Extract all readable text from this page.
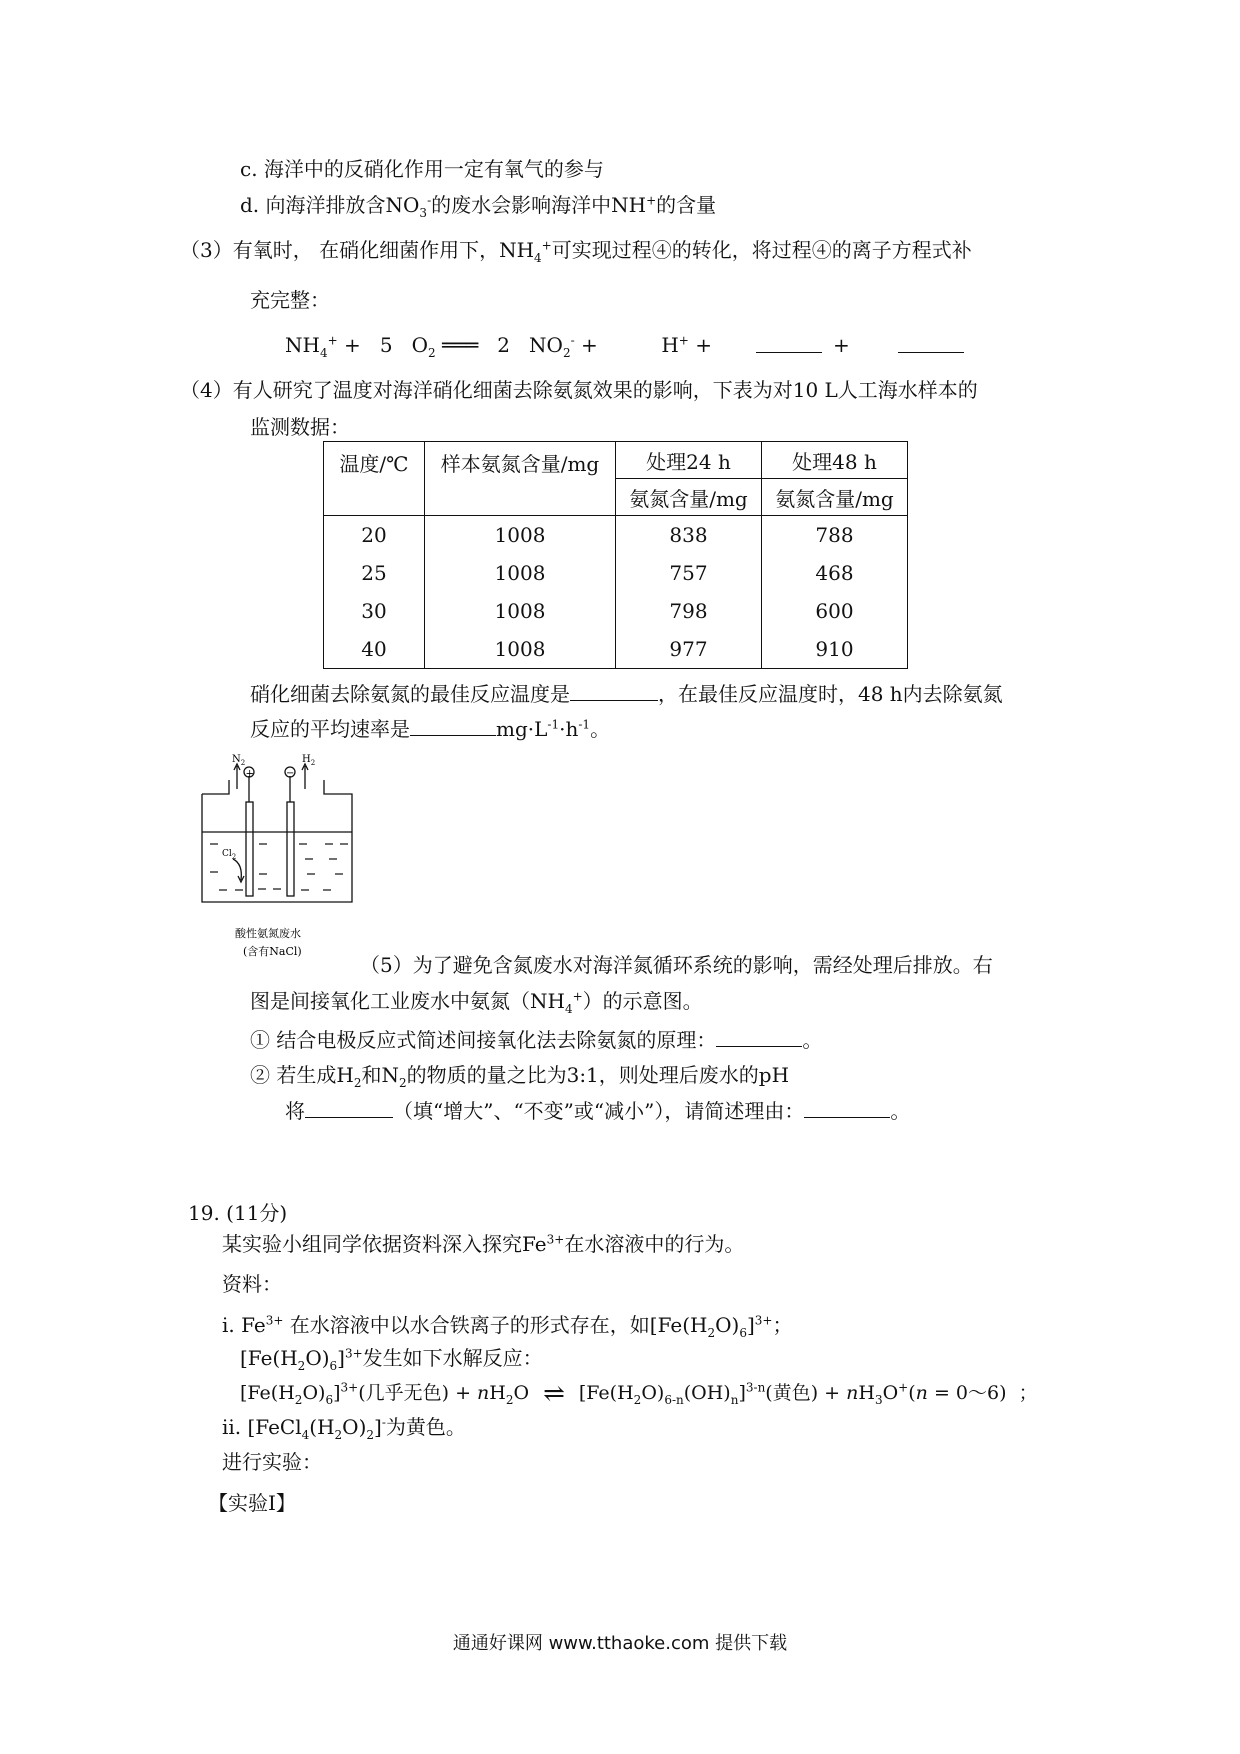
c. 海洋中的反硝化作用一定有氧气的参与
d. 向海洋排放含$NO_3^-$的废水会影响海洋中NH+的含量
（3）有氧时， 在硝化细菌作用下，$NH_4^+$可实现过程④的转化，将过程④的离子方程式补
充完整：
$NH_4^+ + 5$   $O_2$ ═══   2   $NO_2^-$ +          H+ +	+
（4）有人研究了温度对海洋硝化细菌去除氨氮效果的影响，下表为对10 L人工海水样本的
监测数据：
温度/℃	样本氨氮含量/mg	处理24 h	处理48 h
		氨氮含量/mg	氨氮含量/mg
20	1008	838	788
25	1008	757	468
30	1008	798	600
40	1008	977	910
硝化细菌去除氨氮的最佳反应温度是	，在最佳反应温度时，48 h内去除氨氮
反应的平均速率是	$mg\cdot L^{-1}\cdot h^{-1}$。
+	−
$N_2$	$H_2$
$Cl_2$
酸性氨氮废水
(含有NaCl)
（5）为了避免含氮废水对海洋氮循环系统的影响，需经处理后排放。右
图是间接氧化工业废水中氨氮$(NH_4^+)$的示意图。
① 结合电极反应式简述间接氧化法去除氨氮的原理：	。
② 若生成$H_2$和$N_2$的物质的量之比为3:1，则处理后废水的pH
将	（填“增大”、“不变”或“减小”），请简述理由：	。
19. (11分)
某实验小组同学依据资料深入探究$Fe^{3+}$在水溶液中的行为。
资料：
i. $Fe^{3+}$ 在水溶液中以水合铁离子的形式存在，如$[Fe(H_2O)_6]^{3+}$；
$[Fe(H_2O)_6]^{3+}$发生如下水解反应：
$[Fe(H_2O)_6]^{3+}$(几乎无色) + $nH_2O$ ⇌ $[Fe(H_2O)_{6-n}(OH)_n]^{3-n}$(黄色) + $nH_3O^+(n$ = 0～6)  ；
ii. $[FeCl_4(H_2O)_2]^-$为黄色。
进行实验：
【实验I】
通通好课网 www.tthaoke.com 提供下载
